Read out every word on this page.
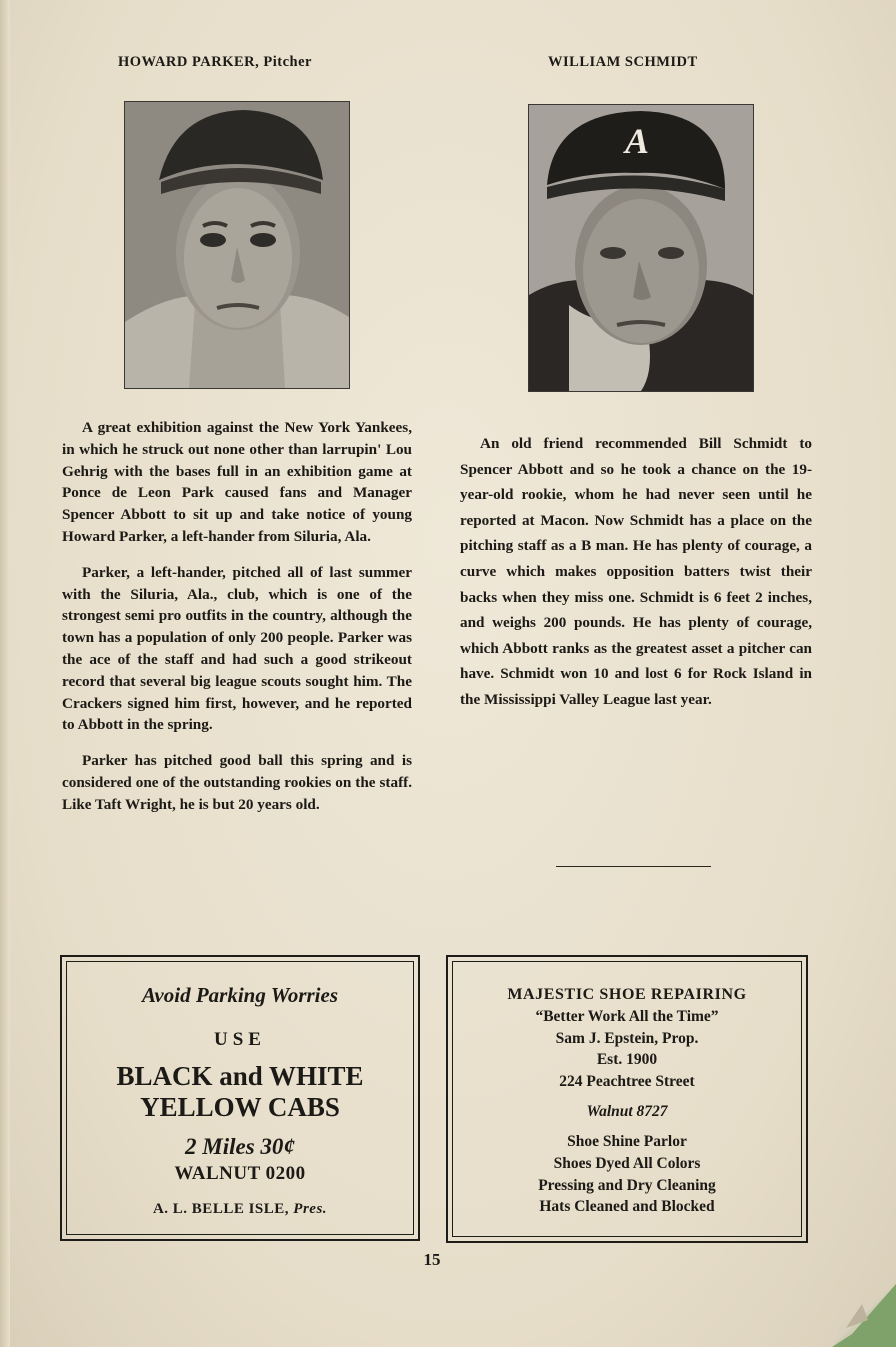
HOWARD PARKER, Pitcher	WILLIAM SCHMIDT
A

A great exhibition against the New York Yankees, in which he struck out none other than larrupin' Lou Gehrig with the bases full in an exhibition game at Ponce de Leon Park caused fans and Manager Spencer Abbott to sit up and take notice of young Howard Parker, a left-hander from Siluria, Ala.

Parker, a left-hander, pitched all of last summer with the Siluria, Ala., club, which is one of the strongest semi pro outfits in the country, although the town has a population of only 200 people. Parker was the ace of the staff and had such a good strikeout record that several big league scouts sought him. The Crackers signed him first, however, and he reported to Abbott in the spring.

Parker has pitched good ball this spring and is considered one of the outstanding rookies on the staff. Like Taft Wright, he is but 20 years old.

An old friend recommended Bill Schmidt to Spencer Abbott and so he took a chance on the 19-year-old rookie, whom he had never seen until he reported at Macon. Now Schmidt has a place on the pitching staff as a B man. He has plenty of courage, a curve which makes opposition batters twist their backs when they miss one. Schmidt is 6 feet 2 inches, and weighs 200 pounds. He has plenty of courage, which Abbott ranks as the greatest asset a pitcher can have. Schmidt won 10 and lost 6 for Rock Island in the Mississippi Valley League last year.

Avoid Parking Worries
USE
BLACK and WHITE
YELLOW CABS
2 Miles 30¢
WALNUT 0200
A. L. BELLE ISLE, Pres.
MAJESTIC SHOE REPAIRING
“Better Work All the Time”
Sam J. Epstein, Prop.
Est. 1900
224 Peachtree Street
Walnut 8727
Shoe Shine Parlor
Shoes Dyed All Colors
Pressing and Dry Cleaning
Hats Cleaned and Blocked
15
